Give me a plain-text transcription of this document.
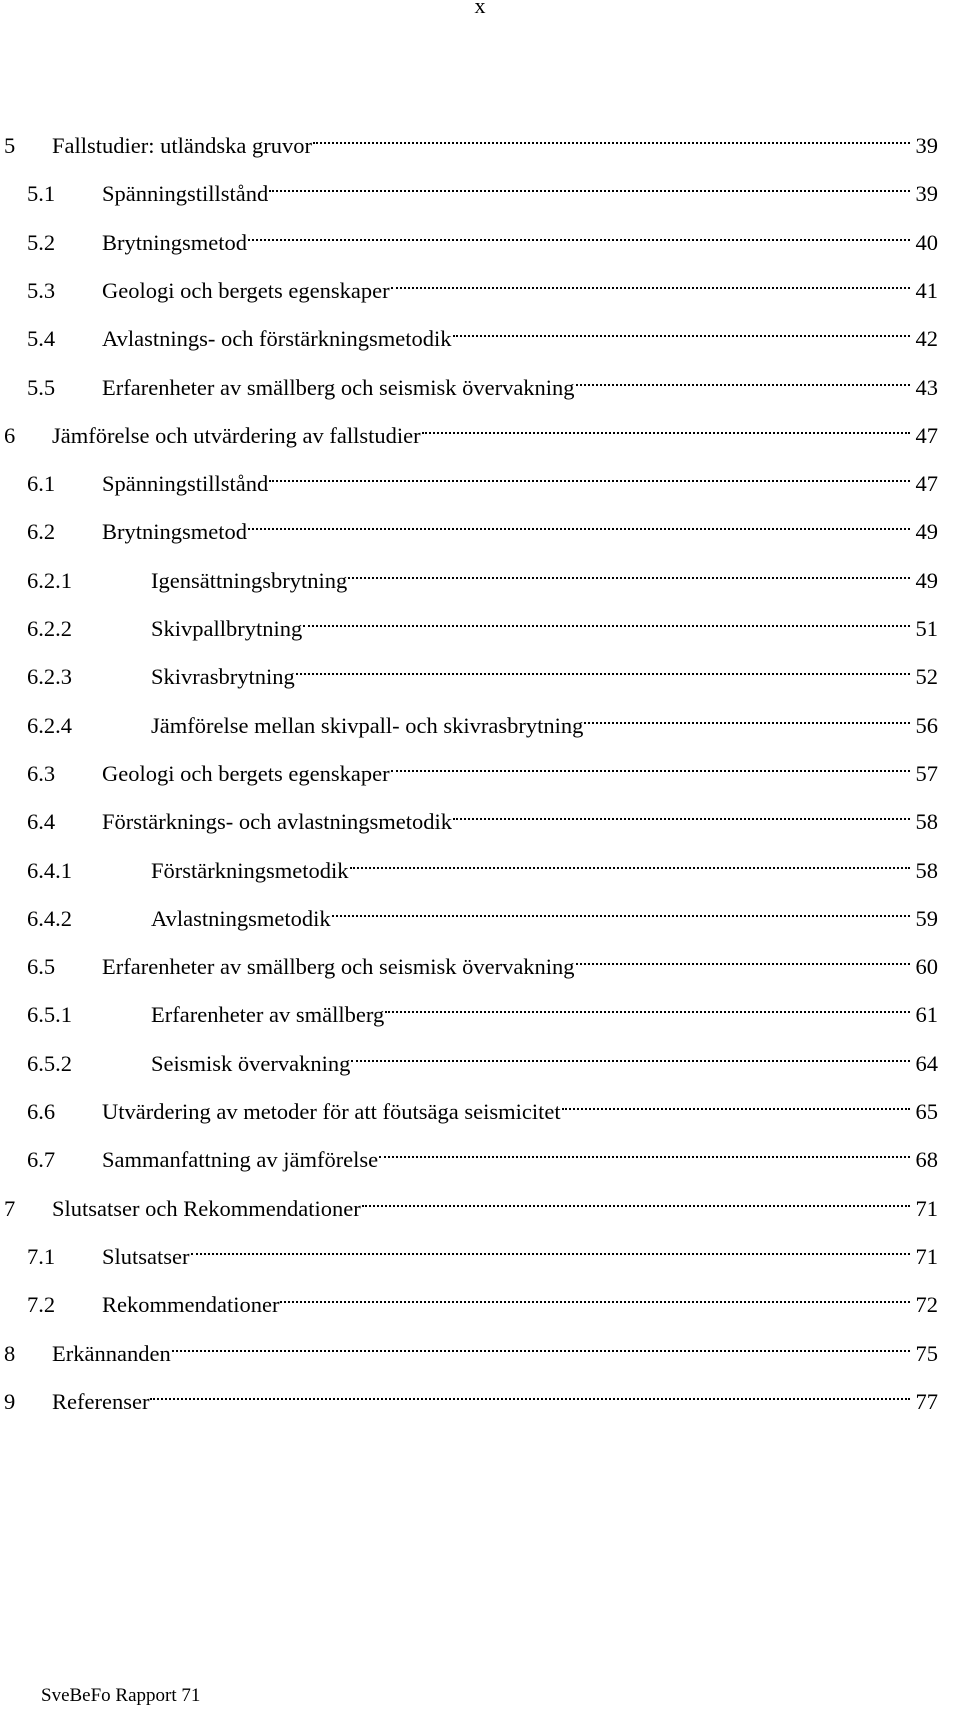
x
5	Fallstudier: utländska gruvor	39
5.1	Spänningstillstånd	39
5.2	Brytningsmetod	40
5.3	Geologi och bergets egenskaper	41
5.4	Avlastnings- och förstärkningsmetodik	42
5.5	Erfarenheter av smällberg och seismisk övervakning	43
6	Jämförelse och utvärdering av fallstudier	47
6.1	Spänningstillstånd	47
6.2	Brytningsmetod	49
6.2.1	Igensättningsbrytning	49
6.2.2	Skivpallbrytning	51
6.2.3	Skivrasbrytning	52
6.2.4	Jämförelse mellan skivpall- och skivrasbrytning	56
6.3	Geologi och bergets egenskaper	57
6.4	Förstärknings- och avlastningsmetodik	58
6.4.1	Förstärkningsmetodik	58
6.4.2	Avlastningsmetodik	59
6.5	Erfarenheter av smällberg och seismisk övervakning	60
6.5.1	Erfarenheter av smällberg	61
6.5.2	Seismisk övervakning	64
6.6	Utvärdering av metoder för att föutsäga seismicitet	65
6.7	Sammanfattning av jämförelse	68
7	Slutsatser och Rekommendationer	71
7.1	Slutsatser	71
7.2	Rekommendationer	72
8	Erkännanden	75
9	Referenser	77
SveBeFo Rapport 71
